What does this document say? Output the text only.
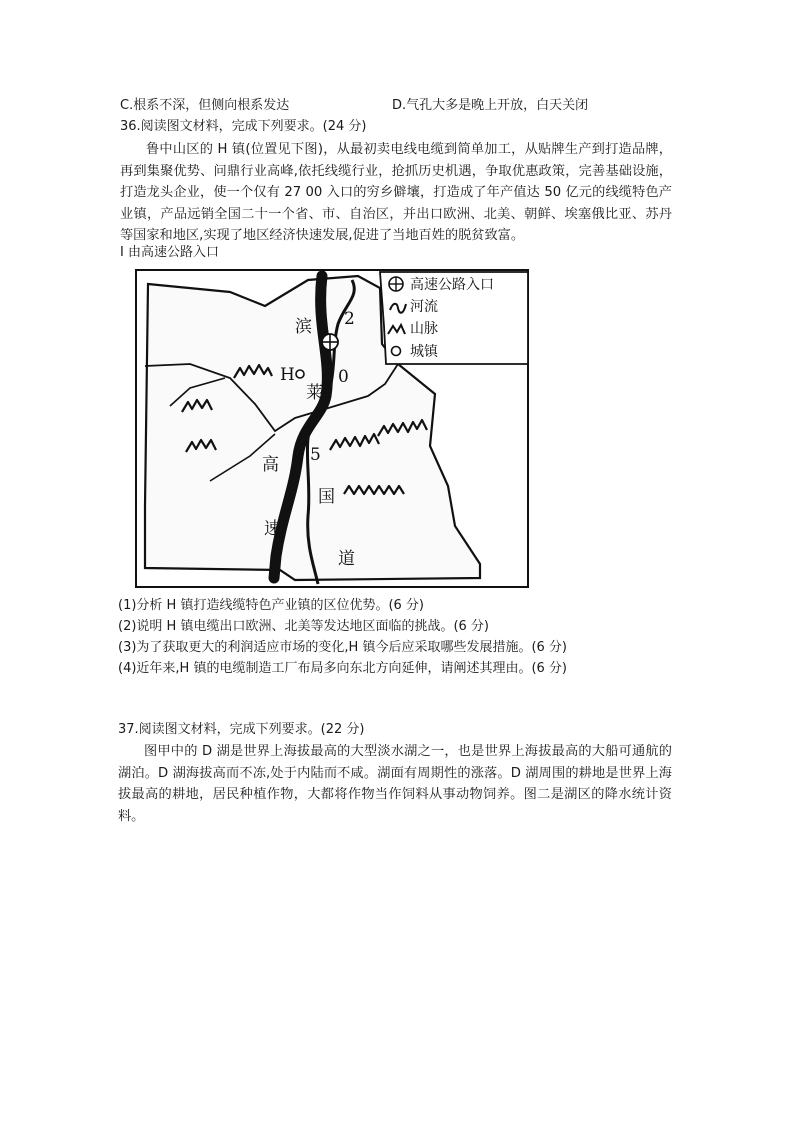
C.根系不深，但侧向根系发达	D.气孔大多是晚上开放，白天关闭
36.阅读图文材料，完成下列要求。(24 分)
鲁中山区的 H 镇(位置见下图)，从最初卖电线电缆到简单加工，从贴牌生产到打造品牌，再到集聚优势、问鼎行业高峰,依托线缆行业，抢抓历史机遇，争取优惠政策，完善基础设施，打造龙头企业，使一个仅有 27 00 入口的穷乡僻壤，打造成了年产值达 50 亿元的线缆特色产业镇，产品远销全国二十一个省、市、自治区，并出口欧洲、北美、朝鲜、埃塞俄比亚、苏丹等国家和地区,实现了地区经济快速发展,促进了当地百姓的脱贫致富。
I 由高速公路入口
H
滨
莱
高
速
2
0
5
国
道
高速公路入口
河流
山脉
城镇
(1)分析 H 镇打造线缆特色产业镇的区位优势。(6 分)
(2)说明 H 镇电缆出口欧洲、北美等发达地区面临的挑战。(6 分)
(3)为了获取更大的利润适应市场的变化,H 镇今后应采取哪些发展措施。(6 分)
(4)近年来,H 镇的电缆制造工厂布局多向东北方向延伸，请阐述其理由。(6 分)
37.阅读图文材料，完成下列要求。(22 分)
图甲中的 D 湖是世界上海拔最高的大型淡水湖之一，也是世界上海拔最高的大船可通航的湖泊。D 湖海拔高而不冻,处于内陆而不咸。湖面有周期性的涨落。D 湖周围的耕地是世界上海拔最高的耕地，居民种植作物，大都将作物当作饲料从事动物饲养。图二是湖区的降水统计资料。
